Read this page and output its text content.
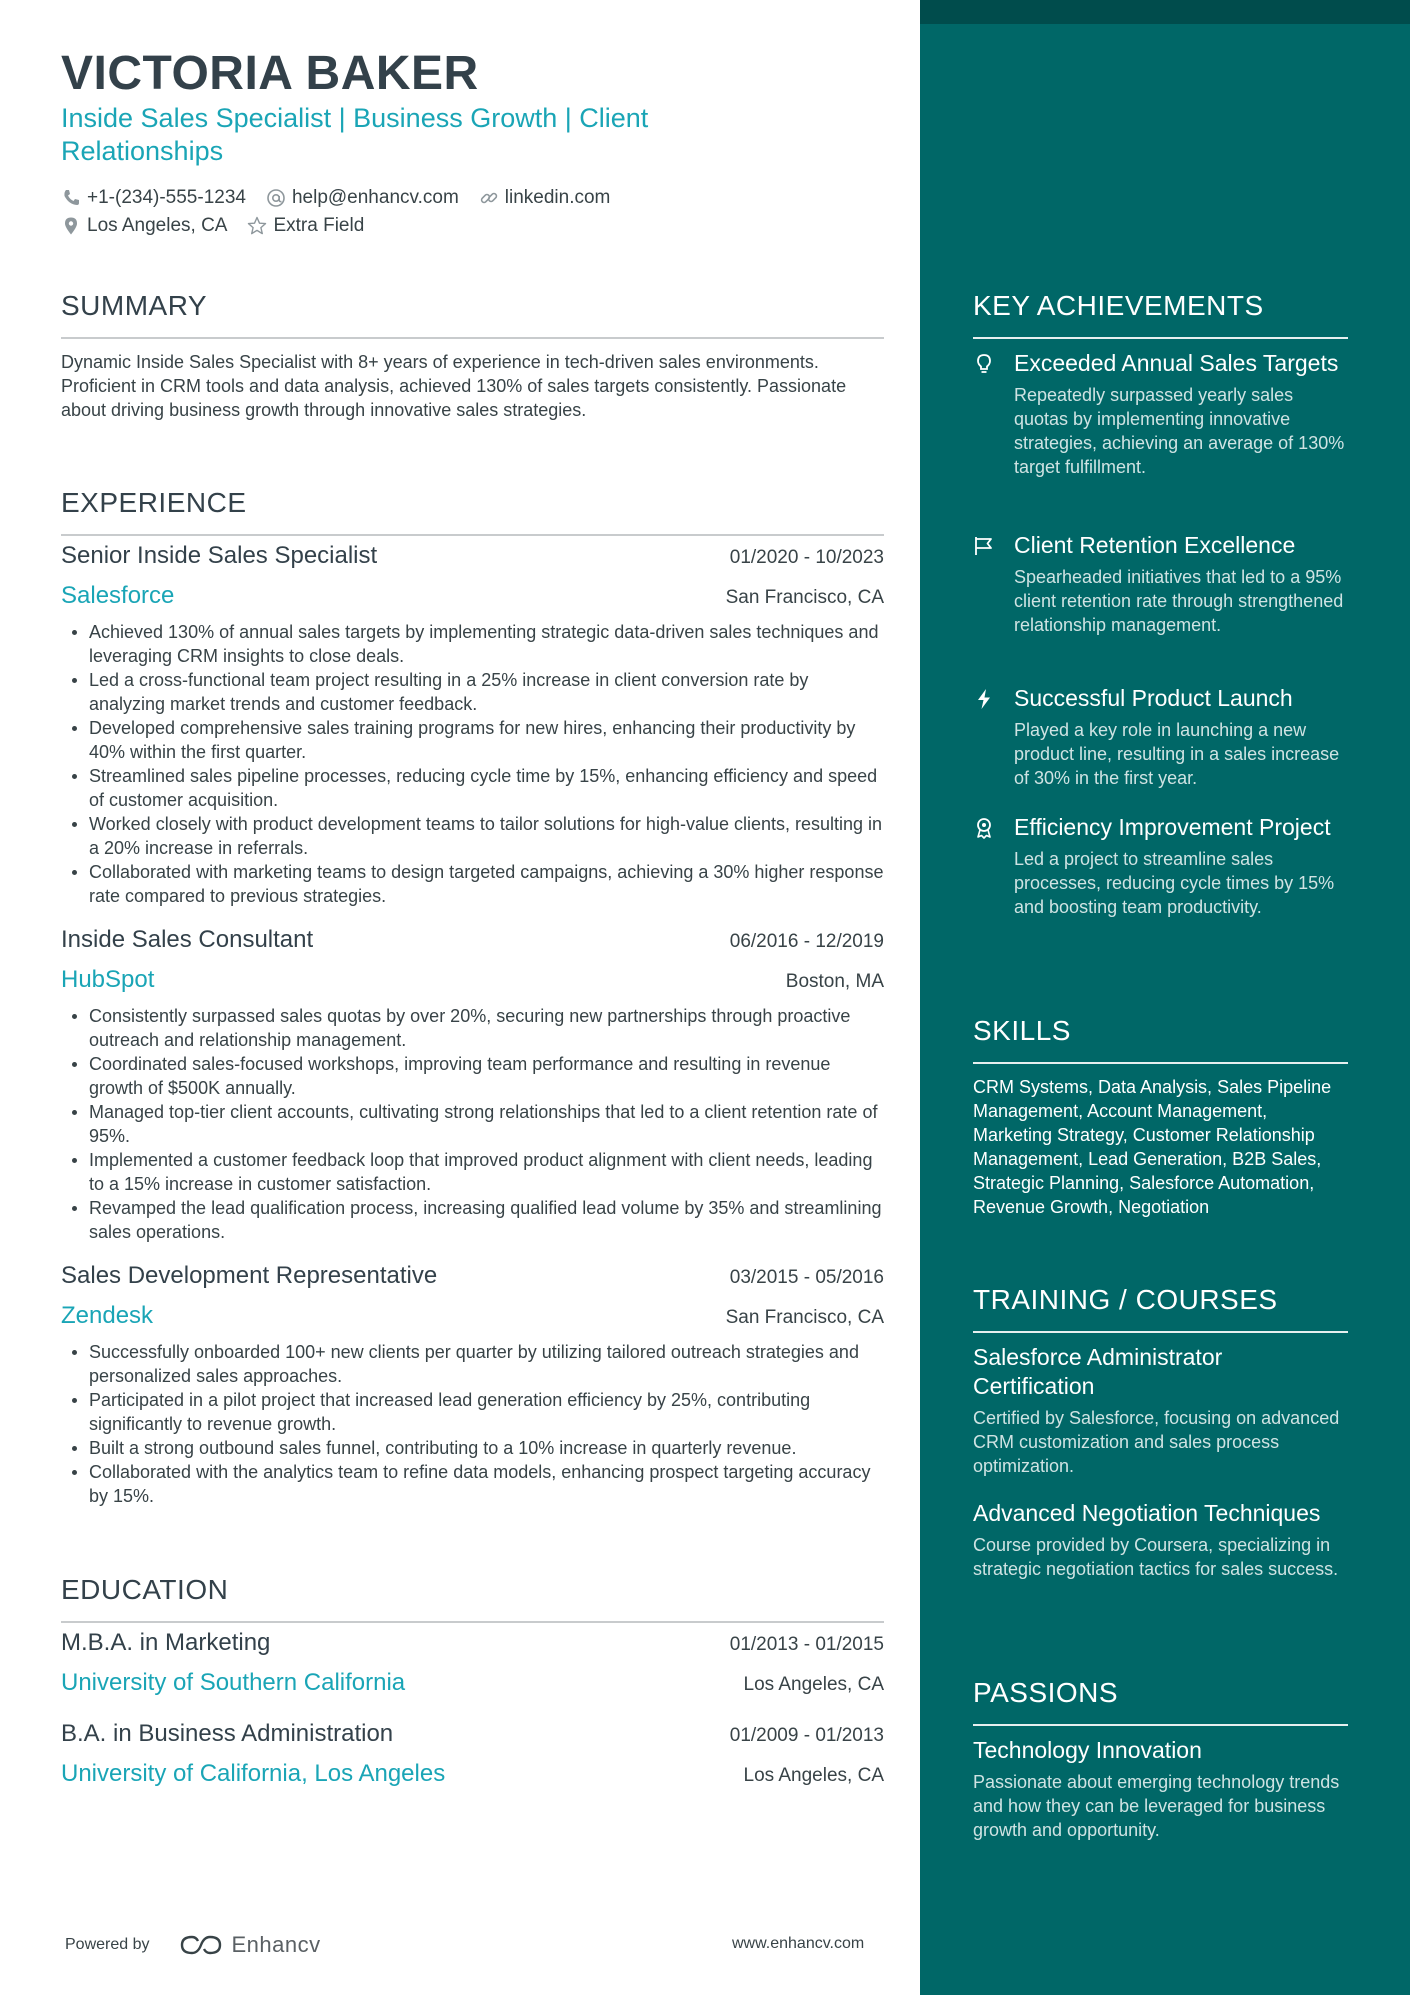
VICTORIA BAKER
Inside Sales Specialist | Business Growth | Client Relationships
+1-(234)-555-1234 help@enhancv.com linkedin.com
Los Angeles, CA Extra Field
SUMMARY
Dynamic Inside Sales Specialist with 8+ years of experience in tech-driven sales environments. Proficient in CRM tools and data analysis, achieved 130% of sales targets consistently. Passionate about driving business growth through innovative sales strategies.
EXPERIENCE
Senior Inside Sales Specialist	01/2020 - 10/2023
Salesforce	San Francisco, CA
Achieved 130% of annual sales targets by implementing strategic data-driven sales techniques and leveraging CRM insights to close deals.
Led a cross-functional team project resulting in a 25% increase in client conversion rate by analyzing market trends and customer feedback.
Developed comprehensive sales training programs for new hires, enhancing their productivity by 40% within the first quarter.
Streamlined sales pipeline processes, reducing cycle time by 15%, enhancing efficiency and speed of customer acquisition.
Worked closely with product development teams to tailor solutions for high-value clients, resulting in a 20% increase in referrals.
Collaborated with marketing teams to design targeted campaigns, achieving a 30% higher response rate compared to previous strategies.
Inside Sales Consultant	06/2016 - 12/2019
HubSpot	Boston, MA
Consistently surpassed sales quotas by over 20%, securing new partnerships through proactive outreach and relationship management.
Coordinated sales-focused workshops, improving team performance and resulting in revenue growth of $500K annually.
Managed top-tier client accounts, cultivating strong relationships that led to a client retention rate of 95%.
Implemented a customer feedback loop that improved product alignment with client needs, leading to a 15% increase in customer satisfaction.
Revamped the lead qualification process, increasing qualified lead volume by 35% and streamlining sales operations.
Sales Development Representative	03/2015 - 05/2016
Zendesk	San Francisco, CA
Successfully onboarded 100+ new clients per quarter by utilizing tailored outreach strategies and personalized sales approaches.
Participated in a pilot project that increased lead generation efficiency by 25%, contributing significantly to revenue growth.
Built a strong outbound sales funnel, contributing to a 10% increase in quarterly revenue.
Collaborated with the analytics team to refine data models, enhancing prospect targeting accuracy by 15%.
EDUCATION
M.B.A. in Marketing	01/2013 - 01/2015
University of Southern California	Los Angeles, CA
B.A. in Business Administration	01/2009 - 01/2013
University of California, Los Angeles	Los Angeles, CA
Powered by	Enhancv	www.enhancv.com
KEY ACHIEVEMENTS
Exceeded Annual Sales Targets
Repeatedly surpassed yearly sales quotas by implementing innovative strategies, achieving an average of 130% target fulfillment.
Client Retention Excellence
Spearheaded initiatives that led to a 95% client retention rate through strengthened relationship management.
Successful Product Launch
Played a key role in launching a new product line, resulting in a sales increase of 30% in the first year.
Efficiency Improvement Project
Led a project to streamline sales processes, reducing cycle times by 15% and boosting team productivity.
SKILLS
CRM Systems, Data Analysis, Sales Pipeline Management, Account Management, Marketing Strategy, Customer Relationship Management, Lead Generation, B2B Sales, Strategic Planning, Salesforce Automation, Revenue Growth, Negotiation
TRAINING / COURSES
Salesforce Administrator Certification
Certified by Salesforce, focusing on advanced CRM customization and sales process optimization.
Advanced Negotiation Techniques
Course provided by Coursera, specializing in strategic negotiation tactics for sales success.
PASSIONS
Technology Innovation
Passionate about emerging technology trends and how they can be leveraged for business growth and opportunity.
